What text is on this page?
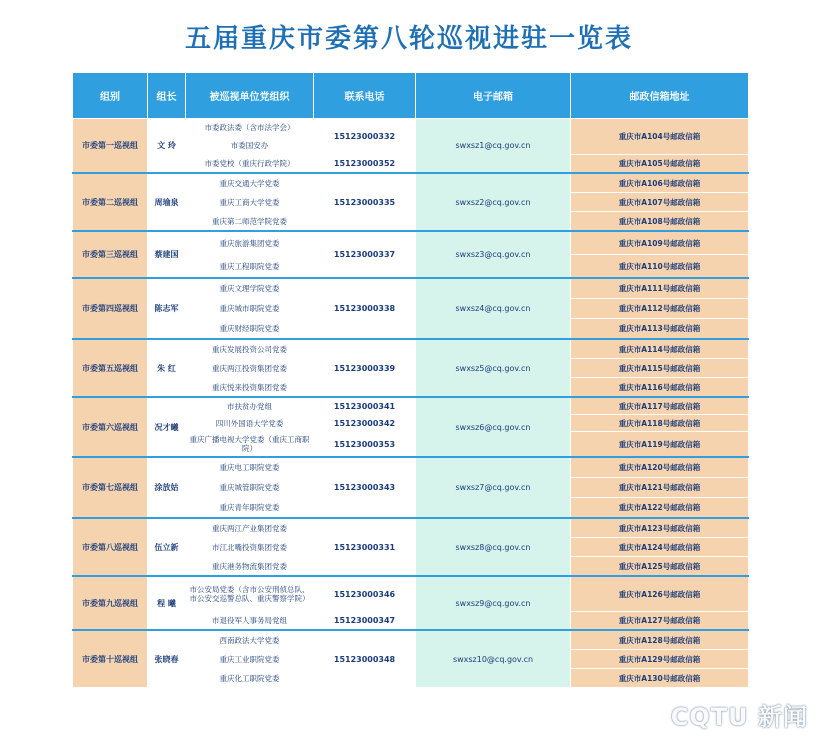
五届重庆市委第八轮巡视进驻一览表
组别	组长	被巡视单位党组织	联系电话	电子邮箱	邮政信箱地址
市委第一巡视组	文 玲	市委政法委（含市法学会）	15123000332	swxsz1@cq.gov.cn	重庆市A104号邮政信箱
		市委国安办			
		市委党校（重庆行政学院）	15123000352		重庆市A105号邮政信箱
市委第二巡视组	周瑜泉	重庆交通大学党委	15123000335	swxsz2@cq.gov.cn	重庆市A106号邮政信箱
		重庆工商大学党委			重庆市A107号邮政信箱
		重庆第二师范学院党委			重庆市A108号邮政信箱
市委第三巡视组	蔡建国	重庆旅游集团党委	15123000337	swxsz3@cq.gov.cn	重庆市A109号邮政信箱
		重庆工程职院党委			重庆市A110号邮政信箱
市委第四巡视组	陈志军	重庆文理学院党委	15123000338	swxsz4@cq.gov.cn	重庆市A111号邮政信箱
		重庆城市职院党委			重庆市A112号邮政信箱
		重庆财经职院党委			重庆市A113号邮政信箱
市委第五巡视组	朱 红	重庆发展投资公司党委	15123000339	swxsz5@cq.gov.cn	重庆市A114号邮政信箱
		重庆两江投资集团党委			重庆市A115号邮政信箱
		重庆悦来投资集团党委			重庆市A116号邮政信箱
市委第六巡视组	况才曦	市扶贫办党组	15123000341	swxsz6@cq.gov.cn	重庆市A117号邮政信箱
		四川外国语大学党委	15123000342		重庆市A118号邮政信箱
		重庆广播电视大学党委（重庆工商职院）	15123000353		重庆市A119号邮政信箱
市委第七巡视组	涂放姑	重庆电工职院党委	15123000343	swxsz7@cq.gov.cn	重庆市A120号邮政信箱
		重庆城管职院党委			重庆市A121号邮政信箱
		重庆青年职院党委			重庆市A122号邮政信箱
市委第八巡视组	伍立新	重庆两江产业集团党委	15123000331	swxsz8@cq.gov.cn	重庆市A123号邮政信箱
		市江北嘴投资集团党委			重庆市A124号邮政信箱
		重庆港务物流集团党委			重庆市A125号邮政信箱
市委第九巡视组	程 曦	市公安局党委（含市公安刑侦总队、市公安交巡警总队、重庆警察学院）	15123000346	swxsz9@cq.gov.cn	重庆市A126号邮政信箱
		市退役军人事务局党组	15123000347		重庆市A127号邮政信箱
市委第十巡视组	张晓春	西南政法大学党委	15123000348	swxsz10@cq.gov.cn	重庆市A128号邮政信箱
		重庆工业职院党委			重庆市A129号邮政信箱
		重庆化工职院党委			重庆市A130号邮政信箱
CQTU 新闻
